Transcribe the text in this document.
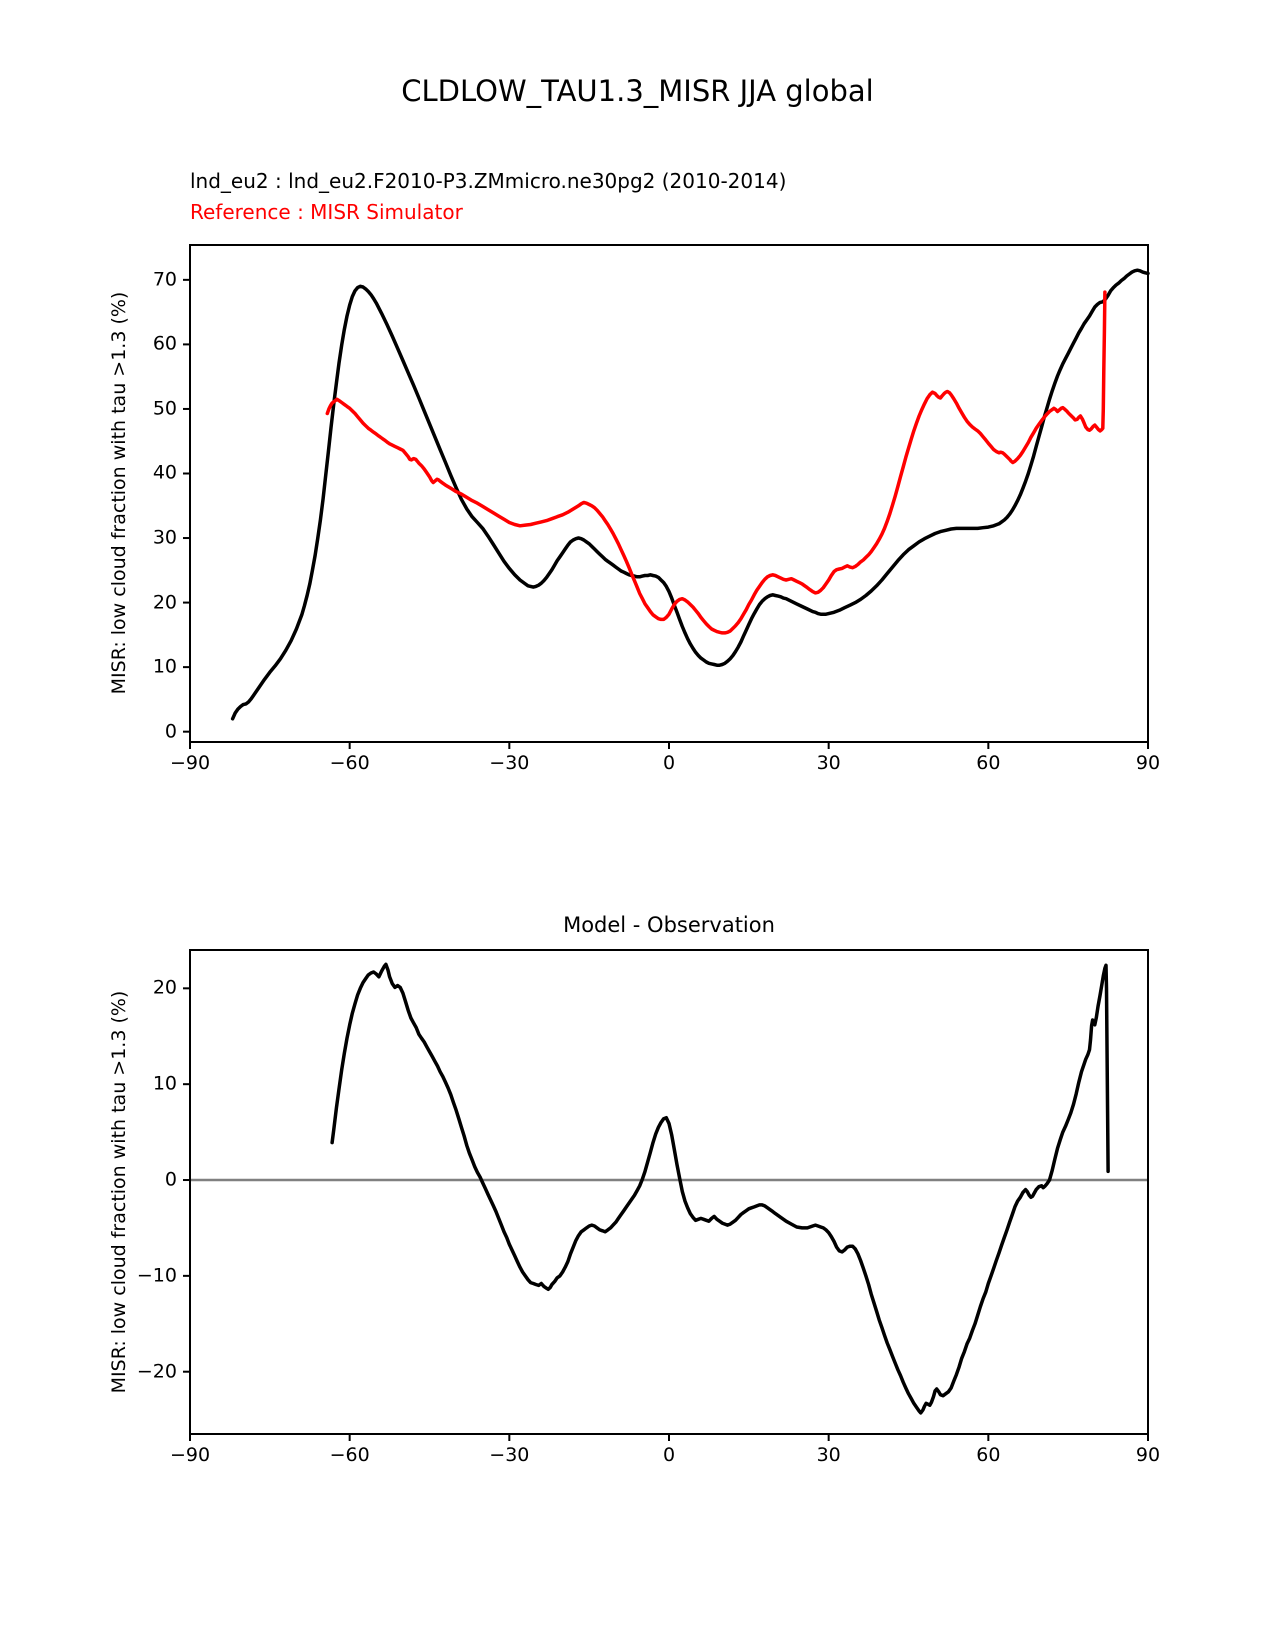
CLDLOW_TAU1.3_MISR JJA global
lnd_eu2 : lnd_eu2.F2010-P3.ZMmicro.ne30pg2 (2010-2014)
Reference : MISR Simulator
MISR: low cloud fraction with tau >1.3 (%)
Model - Observation
MISR: low cloud fraction with tau >1.3 (%)
−90	−60	−30	0	30	60	90
0
10
20
30
40
50
60
70
−90	−60	−30	0	30	60	90
−20
−10
0
10
20
